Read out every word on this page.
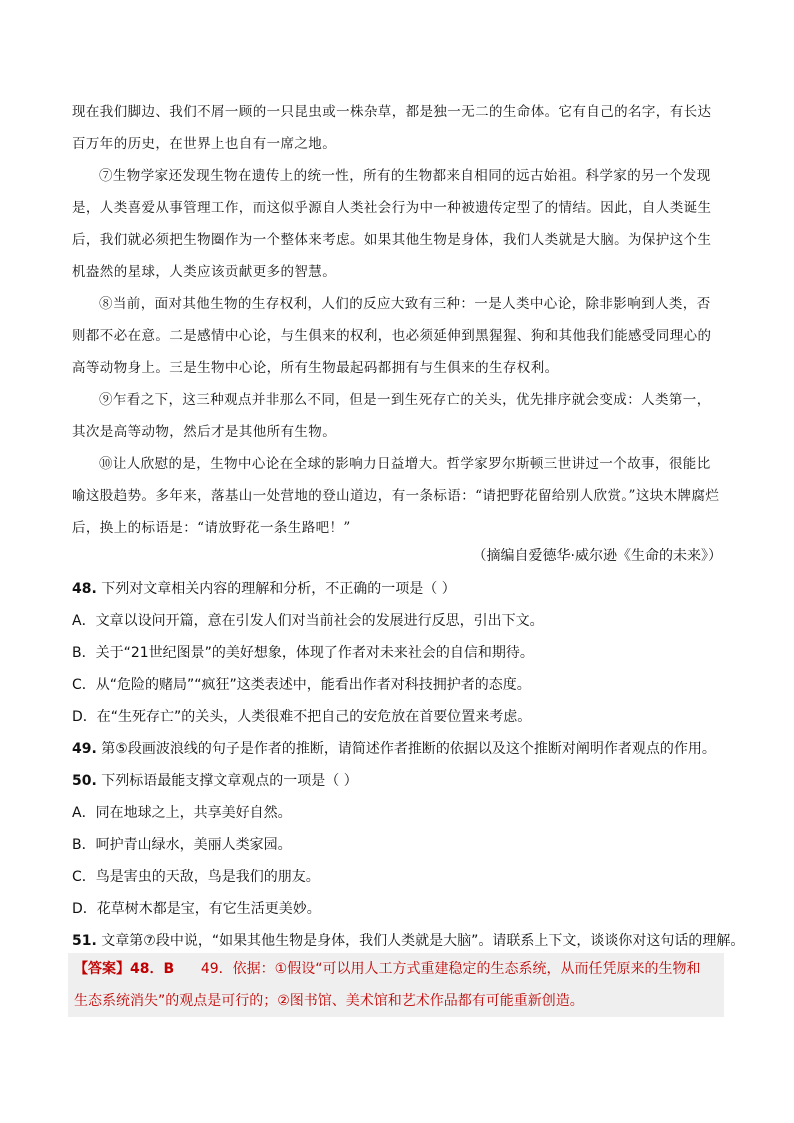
现在我们脚边、我们不屑一顾的一只昆虫或一株杂草，都是独一无二的生命体。它有自己的名字，有长达
百万年的历史，在世界上也自有一席之地。

⑦生物学家还发现生物在遗传上的统一性，所有的生物都来自相同的远古始祖。科学家的另一个发现
是，人类喜爱从事管理工作，而这似乎源自人类社会行为中一种被遗传定型了的情结。因此，自人类诞生
后，我们就必须把生物圈作为一个整体来考虑。如果其他生物是身体，我们人类就是大脑。为保护这个生
机盎然的星球，人类应该贡献更多的智慧。

⑧当前，面对其他生物的生存权利，人们的反应大致有三种：一是人类中心论，除非影响到人类，否
则都不必在意。二是感情中心论，与生俱来的权利，也必须延伸到黑猩猩、狗和其他我们能感受同理心的
高等动物身上。三是生物中心论，所有生物最起码都拥有与生俱来的生存权利。

⑨乍看之下，这三种观点并非那么不同，但是一到生死存亡的关头，优先排序就会变成：人类第一，
其次是高等动物，然后才是其他所有生物。

⑩让人欣慰的是，生物中心论在全球的影响力日益增大。哲学家罗尔斯顿三世讲过一个故事，很能比
喻这股趋势。多年来，落基山一处营地的登山道边，有一条标语：“请把野花留给别人欣赏。”这块木牌腐烂
后，换上的标语是：“请放野花一条生路吧！”

（摘编自爱德华·威尔逊《生命的未来》）
48. 下列对文章相关内容的理解和分析，不正确的一项是（ ）
A．文章以设问开篇，意在引发人们对当前社会的发展进行反思，引出下文。
B．关于“21世纪图景”的美好想象，体现了作者对未来社会的自信和期待。
C．从“危险的赌局”“疯狂”这类表述中，能看出作者对科技拥护者的态度。
D．在“生死存亡”的关头，人类很难不把自己的安危放在首要位置来考虑。
49. 第⑤段画波浪线的句子是作者的推断，请简述作者推断的依据以及这个推断对阐明作者观点的作用。
50. 下列标语最能支撑文章观点的一项是（ ）
A．同在地球之上，共享美好自然。
B．呵护青山绿水，美丽人类家园。
C．鸟是害虫的天敌，鸟是我们的朋友。
D．花草树木都是宝，有它生活更美妙。
51. 文章第⑦段中说，“如果其他生物是身体，我们人类就是大脑”。请联系上下文，谈谈你对这句话的理解。
【答案】48．B 49．依据：①假设“可以用人工方式重建稳定的生态系统，从而任凭原来的生物和
生态系统消失”的观点是可行的；②图书馆、美术馆和艺术作品都有可能重新创造。
